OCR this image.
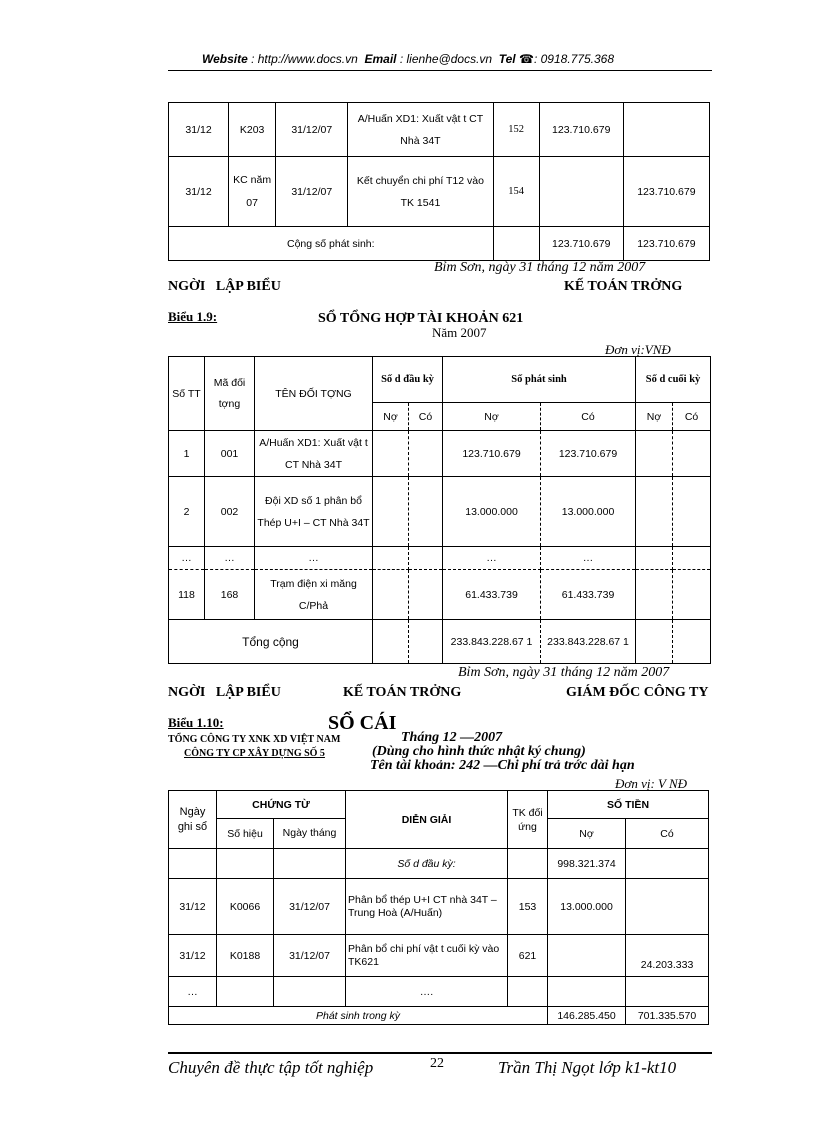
Website : http://www.docs.vn Email : lienhe@docs.vn Tel ☎: 0918.775.368
31/12	K203	31/12/07	A/Huấn XD1: Xuất vật t CT Nhà 34T	152	123.710.679	
31/12	KC năm 07	31/12/07	Kết chuyển chi phí T12 vào TK 1541	154		123.710.679
Cộng số phát sinh:					123.710.679	123.710.679
Bỉm Sơn, ngày 31 tháng 12 năm 2007
NGỜI   LẬP BIỂU	KẾ TOÁN TRỞNG
Biểu 1.9:	SỔ TỔNG HỢP TÀI KHOẢN 621
Năm 2007
Đơn vị:VNĐ
Số TT	Mã đối tợng	TÊN ĐỐI TỢNG	Số d đầu kỳ		Số phát sinh		Số d cuối kỳ	
			Nợ	Có	Nợ	Có	Nợ	Có
1	001	A/Huấn XD1: Xuất vật t CT Nhà 34T			123.710.679	123.710.679		
2	002	Đội XD số 1 phân bổ Thép U+I – CT Nhà 34T			13.000.000	13.000.000		
…	…	…			…	…		
118	168	Trạm điện xi măng C/Phả			61.433.739	61.433.739		
Tổng cộng					233.843.228.67 1	233.843.228.67 1		
Bỉm Sơn, ngày 31 tháng 12 năm 2007
NGỜI   LẬP BIỂU	KẾ TOÁN TRỞNG	GIÁM ĐỐC CÔNG TY
Biểu 1.10:	SỔ CÁI
Tháng 12 —2007
TỔNG CÔNG TY XNK XD VIỆT NAM
CÔNG TY CP XÂY DỰNG SỐ 5	(Dùng cho hình thức nhật ký chung)
Tên tài khoản: 242 —Chi phí trả trớc dài hạn
Đơn vị: V NĐ
Ngày ghi sổ	CHỨNG TỪ		DIỄN GIẢI	TK đối ứng	SỐ TIỀN	
	Số hiệu	Ngày tháng			Nợ	Có
			Số d đầu kỳ:		998.321.374	
31/12	K0066	31/12/07	Phân bổ thép U+I CT nhà 34T – Trung Hoà (A/Huấn)	153	13.000.000	
31/12	K0188	31/12/07	Phân bổ chi phí vật t cuối kỳ vào TK621	621		24.203.333
…			….			
Phát sinh trong kỳ					146.285.450	701.335.570
Chuyên đề thực tập tốt nghiệp	22	Trần Thị Ngọt lớp k1-kt10
